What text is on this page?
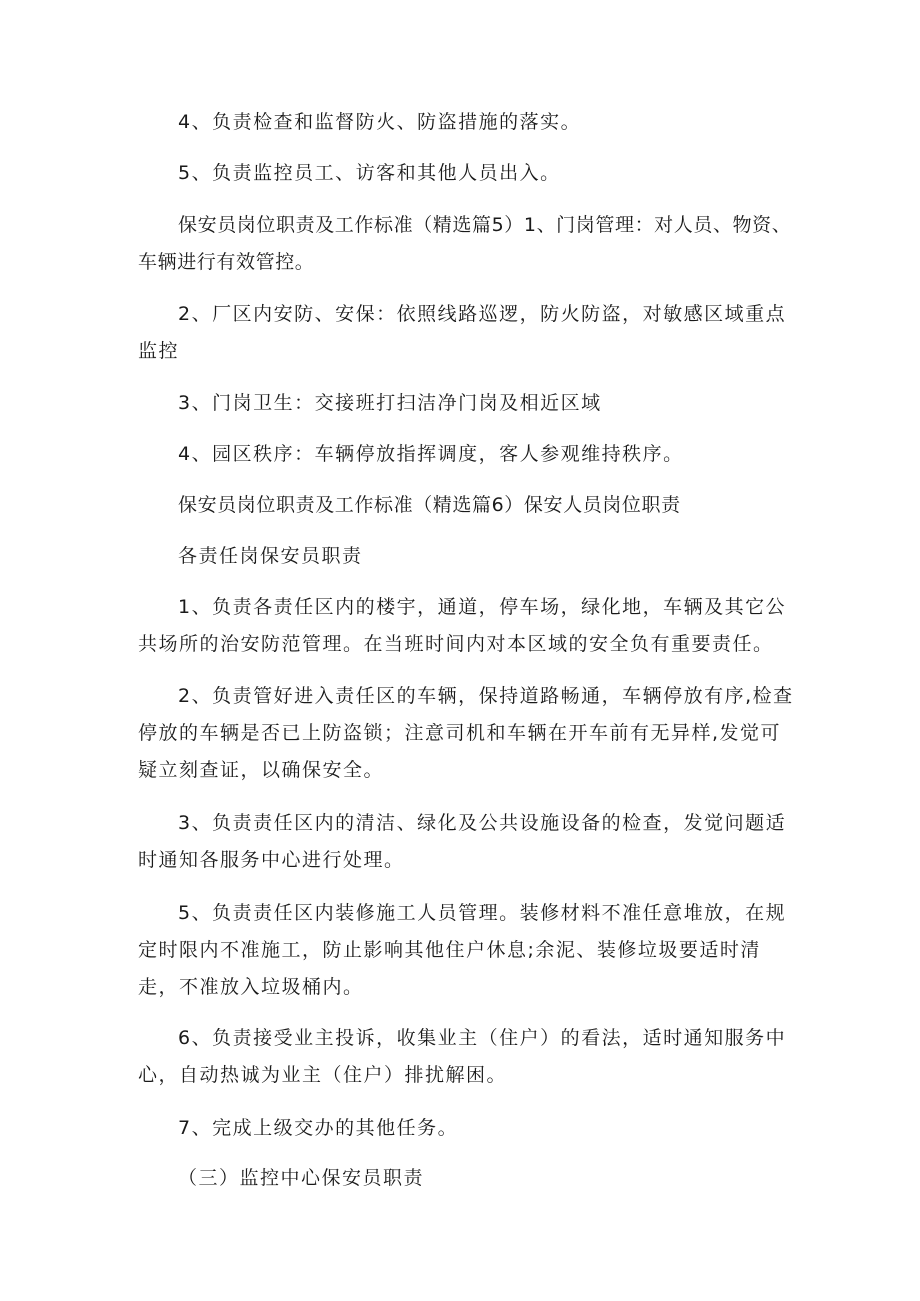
4、负责检查和监督防火、防盗措施的落实。

5、负责监控员工、访客和其他人员出入。

保安员岗位职责及工作标准（精选篇5）1、门岗管理：对人员、物资、车辆进行有效管控。

2、厂区内安防、安保：依照线路巡逻，防火防盗，对敏感区域重点监控

3、门岗卫生：交接班打扫洁净门岗及相近区域

4、园区秩序：车辆停放指挥调度，客人参观维持秩序。

保安员岗位职责及工作标准（精选篇6）保安人员岗位职责

各责任岗保安员职责

1、负责各责任区内的楼宇，通道，停车场，绿化地，车辆及其它公共场所的治安防范管理。在当班时间内对本区域的安全负有重要责任。

2、负责管好进入责任区的车辆，保持道路畅通，车辆停放有序,检查停放的车辆是否已上防盗锁；注意司机和车辆在开车前有无异样,发觉可疑立刻查证，以确保安全。

3、负责责任区内的清洁、绿化及公共设施设备的检查，发觉问题适时通知各服务中心进行处理。

5、负责责任区内装修施工人员管理。装修材料不准任意堆放，在规定时限内不准施工，防止影响其他住户休息;余泥、装修垃圾要适时清走，不准放入垃圾桶内。

6、负责接受业主投诉，收集业主（住户）的看法，适时通知服务中心，自动热诚为业主（住户）排扰解困。

7、完成上级交办的其他任务。

（三）监控中心保安员职责
